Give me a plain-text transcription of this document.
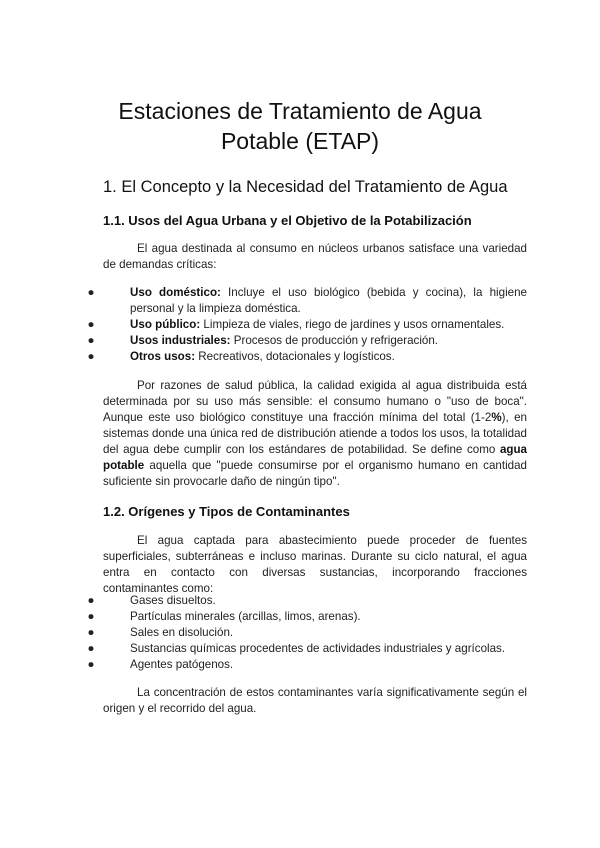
Estaciones de Tratamiento de Agua
Potable (ETAP)
1. El Concepto y la Necesidad del Tratamiento de Agua
1.1. Usos del Agua Urbana y el Objetivo de la Potabilización

El agua destinada al consumo en núcleos urbanos satisface una variedad de demandas críticas:

●	Uso doméstico: Incluye el uso biológico (bebida y cocina), la higiene personal y la limpieza doméstica.
●	Uso público: Limpieza de viales, riego de jardines y usos ornamentales.
●	Usos industriales: Procesos de producción y refrigeración.
●	Otros usos: Recreativos, dotacionales y logísticos.

Por razones de salud pública, la calidad exigida al agua distribuida está determinada por su uso más sensible: el consumo humano o "uso de boca". Aunque este uso biológico constituye una fracción mínima del total (1-2%), en sistemas donde una única red de distribución atiende a todos los usos, la totalidad del agua debe cumplir con los estándares de potabilidad. Se define como agua potable aquella que "puede consumirse por el organismo humano en cantidad suficiente sin provocarle daño de ningún tipo".

1.2. Orígenes y Tipos de Contaminantes

El agua captada para abastecimiento puede proceder de fuentes superficiales, subterráneas e incluso marinas. Durante su ciclo natural, el agua entra en contacto con diversas sustancias, incorporando fracciones contaminantes como:

●	Gases disueltos.
●	Partículas minerales (arcillas, limos, arenas).
●	Sales en disolución.
●	Sustancias químicas procedentes de actividades industriales y agrícolas.
●	Agentes patógenos.

La concentración de estos contaminantes varía significativamente según el origen y el recorrido del agua.
